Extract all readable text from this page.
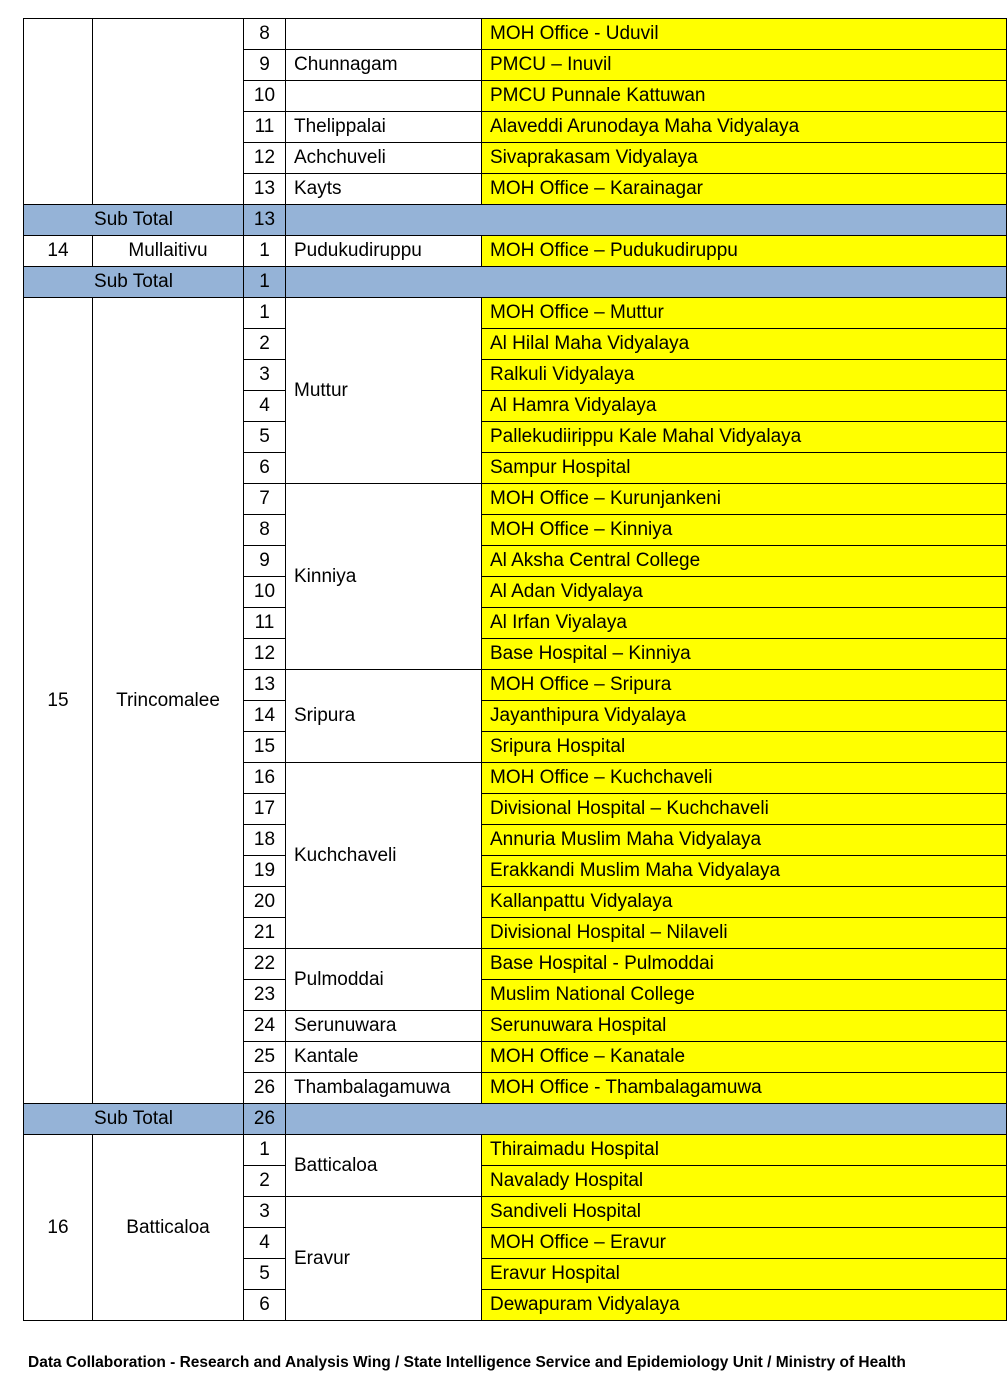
		8		MOH Office - Uduvil
		9	Chunnagam	PMCU – Inuvil
		10		PMCU Punnale Kattuwan
		11	Thelippalai	Alaveddi Arunodaya Maha Vidyalaya
		12	Achchuveli	Sivaprakasam Vidyalaya
		13	Kayts	MOH Office – Karainagar
Sub Total		13		
14	Mullaitivu	1	Pudukudiruppu	MOH Office – Pudukudiruppu
Sub Total		1		
15	Trincomalee	1	Muttur	MOH Office – Muttur
		2		Al Hilal Maha Vidyalaya
		3		Ralkuli Vidyalaya
		4		Al Hamra Vidyalaya
		5		Pallekudiirippu Kale Mahal Vidyalaya
		6		Sampur Hospital
		7	Kinniya	MOH Office – Kurunjankeni
		8		MOH Office – Kinniya
		9		Al Aksha Central College
		10		Al Adan Vidyalaya
		11		Al Irfan Viyalaya
		12		Base Hospital – Kinniya
		13	Sripura	MOH Office – Sripura
		14		Jayanthipura Vidyalaya
		15		Sripura Hospital
		16	Kuchchaveli	MOH Office – Kuchchaveli
		17		Divisional Hospital – Kuchchaveli
		18		Annuria Muslim Maha Vidyalaya
		19		Erakkandi Muslim Maha Vidyalaya
		20		Kallanpattu Vidyalaya
		21		Divisional Hospital – Nilaveli
		22	Pulmoddai	Base Hospital - Pulmoddai
		23		Muslim National College
		24	Serunuwara	Serunuwara Hospital
		25	Kantale	MOH Office – Kanatale
		26	Thambalagamuwa	MOH Office - Thambalagamuwa
Sub Total		26		
16	Batticaloa	1	Batticaloa	Thiraimadu Hospital
		2		Navalady Hospital
		3	Eravur	Sandiveli Hospital
		4		MOH Office – Eravur
		5		Eravur Hospital
		6		Dewapuram Vidyalaya
Data Collaboration - Research and Analysis Wing / State Intelligence Service and Epidemiology Unit / Ministry of Health
